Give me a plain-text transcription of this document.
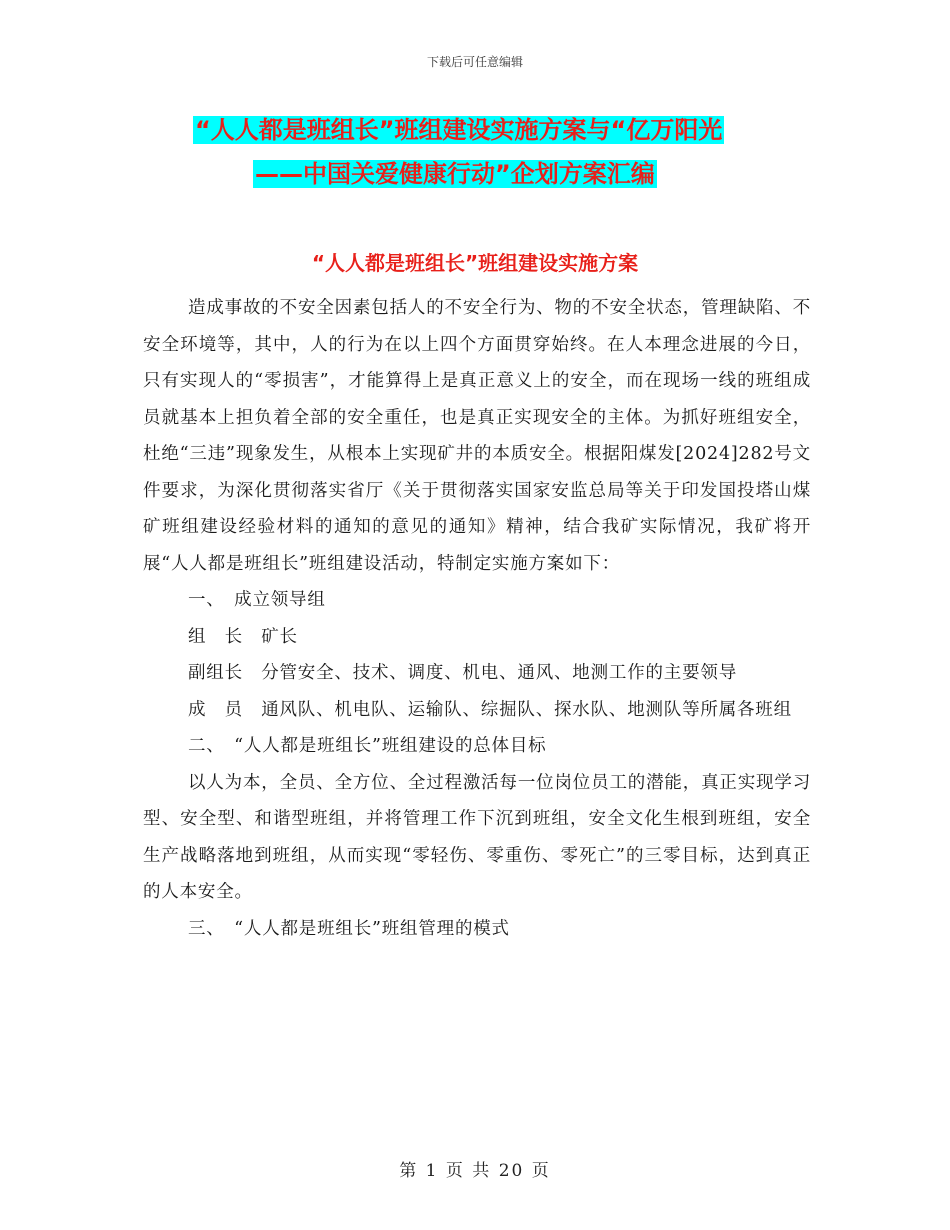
下载后可任意编辑
“人人都是班组长”班组建设实施方案与“亿万阳光
——中国关爱健康行动”企划方案汇编
“人人都是班组长”班组建设实施方案

造成事故的不安全因素包括人的不安全行为、物的不安全状态，管理缺陷、不安全环境等，其中，人的行为在以上四个方面贯穿始终。在人本理念进展的今日，只有实现人的“零损害”，才能算得上是真正意义上的安全，而在现场一线的班组成员就基本上担负着全部的安全重任，也是真正实现安全的主体。为抓好班组安全，杜绝“三违”现象发生，从根本上实现矿井的本质安全。根据阳煤发[2024]282号文件要求，为深化贯彻落实省厅《关于贯彻落实国家安监总局等关于印发国投塔山煤矿班组建设经验材料的通知的意见的通知》精神，结合我矿实际情况，我矿将开展“人人都是班组长”班组建设活动，特制定实施方案如下：

一、　成立领导组

组　长　矿长

副组长　分管安全、技术、调度、机电、通风、地测工作的主要领导

成　员　通风队、机电队、运输队、综掘队、探水队、地测队等所属各班组

二、　“人人都是班组长”班组建设的总体目标

以人为本，全员、全方位、全过程激活每一位岗位员工的潜能，真正实现学习型、安全型、和谐型班组，并将管理工作下沉到班组，安全文化生根到班组，安全生产战略落地到班组，从而实现“零轻伤、零重伤、零死亡”的三零目标，达到真正的人本安全。

三、　“人人都是班组长”班组管理的模式

第 1 页 共 20 页
